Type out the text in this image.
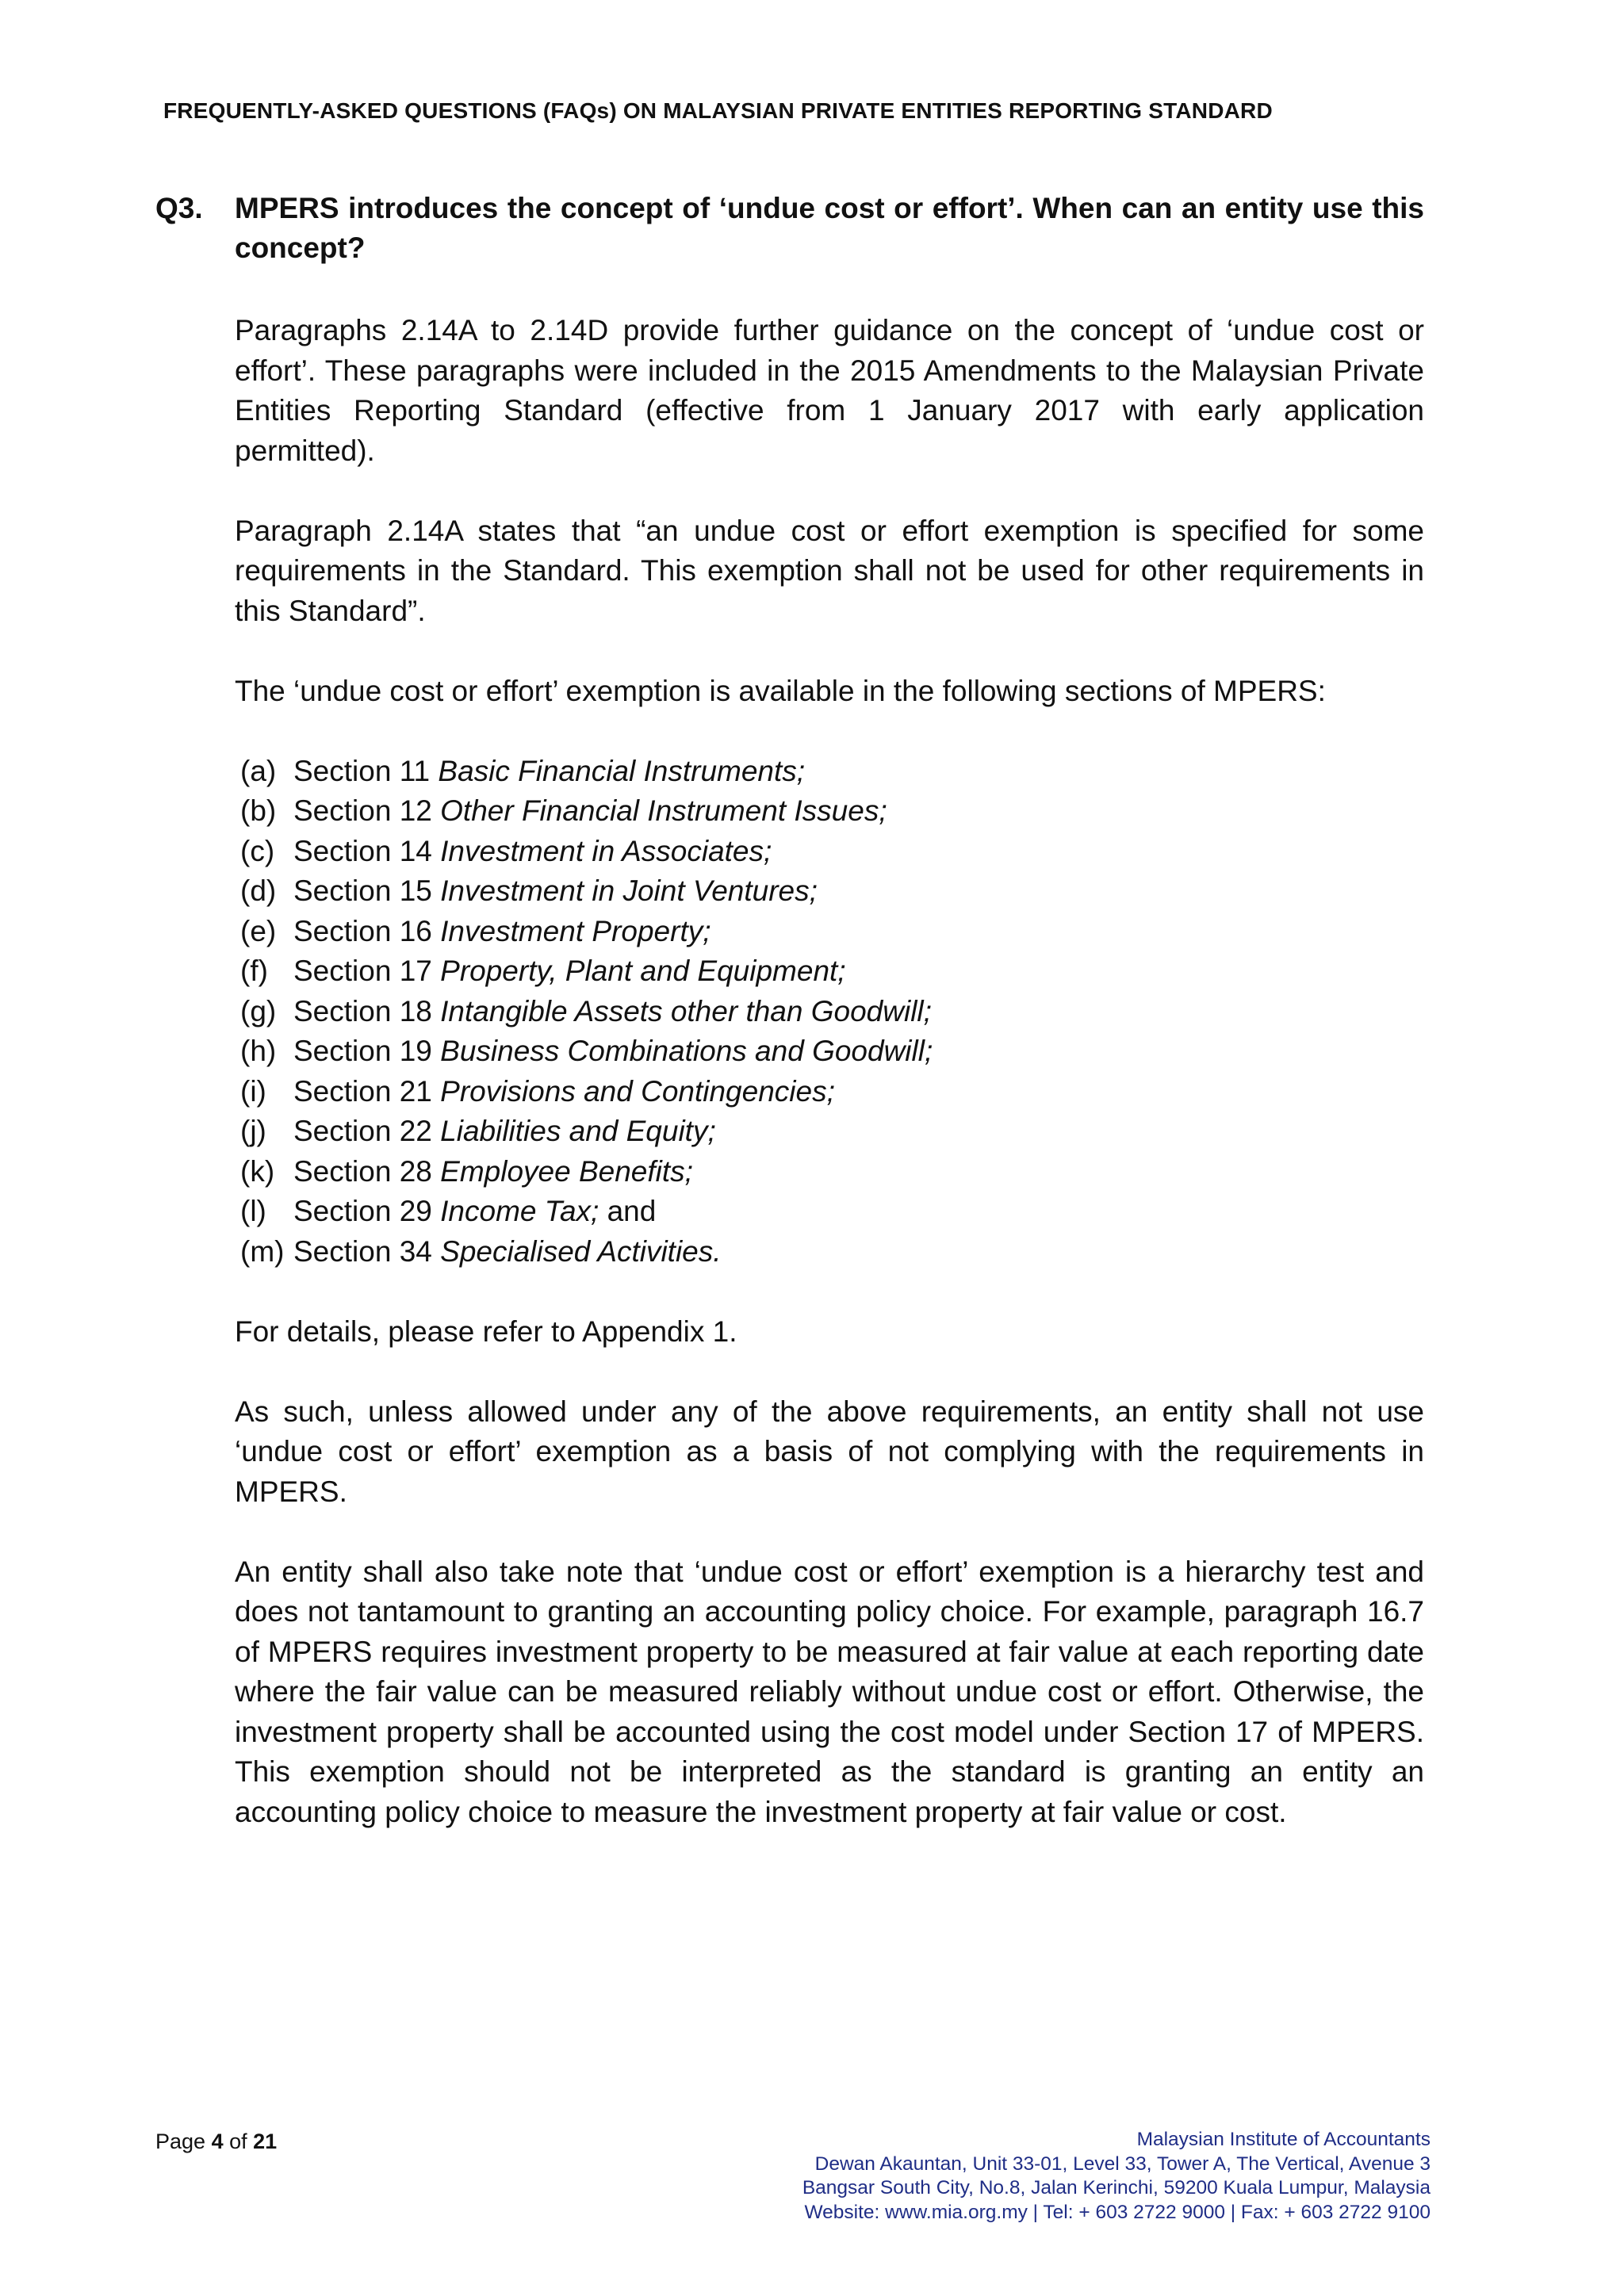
FREQUENTLY-ASKED QUESTIONS (FAQs) ON MALAYSIAN PRIVATE ENTITIES REPORTING STANDARD
Q3. MPERS introduces the concept of ‘undue cost or effort’. When can an entity use this concept?

Paragraphs 2.14A to 2.14D provide further guidance on the concept of ‘undue cost or effort’. These paragraphs were included in the 2015 Amendments to the Malaysian Private Entities Reporting Standard (effective from 1 January 2017 with early application permitted).

Paragraph 2.14A states that “an undue cost or effort exemption is specified for some requirements in the Standard. This exemption shall not be used for other requirements in this Standard”.

The ‘undue cost or effort’ exemption is available in the following sections of MPERS:

(a) Section 11 Basic Financial Instruments;
(b) Section 12 Other Financial Instrument Issues;
(c) Section 14 Investment in Associates;
(d) Section 15 Investment in Joint Ventures;
(e) Section 16 Investment Property;
(f) Section 17 Property, Plant and Equipment;
(g) Section 18 Intangible Assets other than Goodwill;
(h) Section 19 Business Combinations and Goodwill;
(i) Section 21 Provisions and Contingencies;
(j) Section 22 Liabilities and Equity;
(k) Section 28 Employee Benefits;
(l) Section 29 Income Tax; and
(m) Section 34 Specialised Activities.

For details, please refer to Appendix 1.

As such, unless allowed under any of the above requirements, an entity shall not use ‘undue cost or effort’ exemption as a basis of not complying with the requirements in MPERS.

An entity shall also take note that ‘undue cost or effort’ exemption is a hierarchy test and does not tantamount to granting an accounting policy choice. For example, paragraph 16.7 of MPERS requires investment property to be measured at fair value at each reporting date where the fair value can be measured reliably without undue cost or effort. Otherwise, the investment property shall be accounted using the cost model under Section 17 of MPERS. This exemption should not be interpreted as the standard is granting an entity an accounting policy choice to measure the investment property at fair value or cost.

Page 4 of 21	Malaysian Institute of Accountants
Dewan Akauntan, Unit 33-01, Level 33, Tower A, The Vertical, Avenue 3
Bangsar South City, No.8, Jalan Kerinchi, 59200 Kuala Lumpur, Malaysia
Website: www.mia.org.my | Tel: + 603 2722 9000 | Fax: + 603 2722 9100
